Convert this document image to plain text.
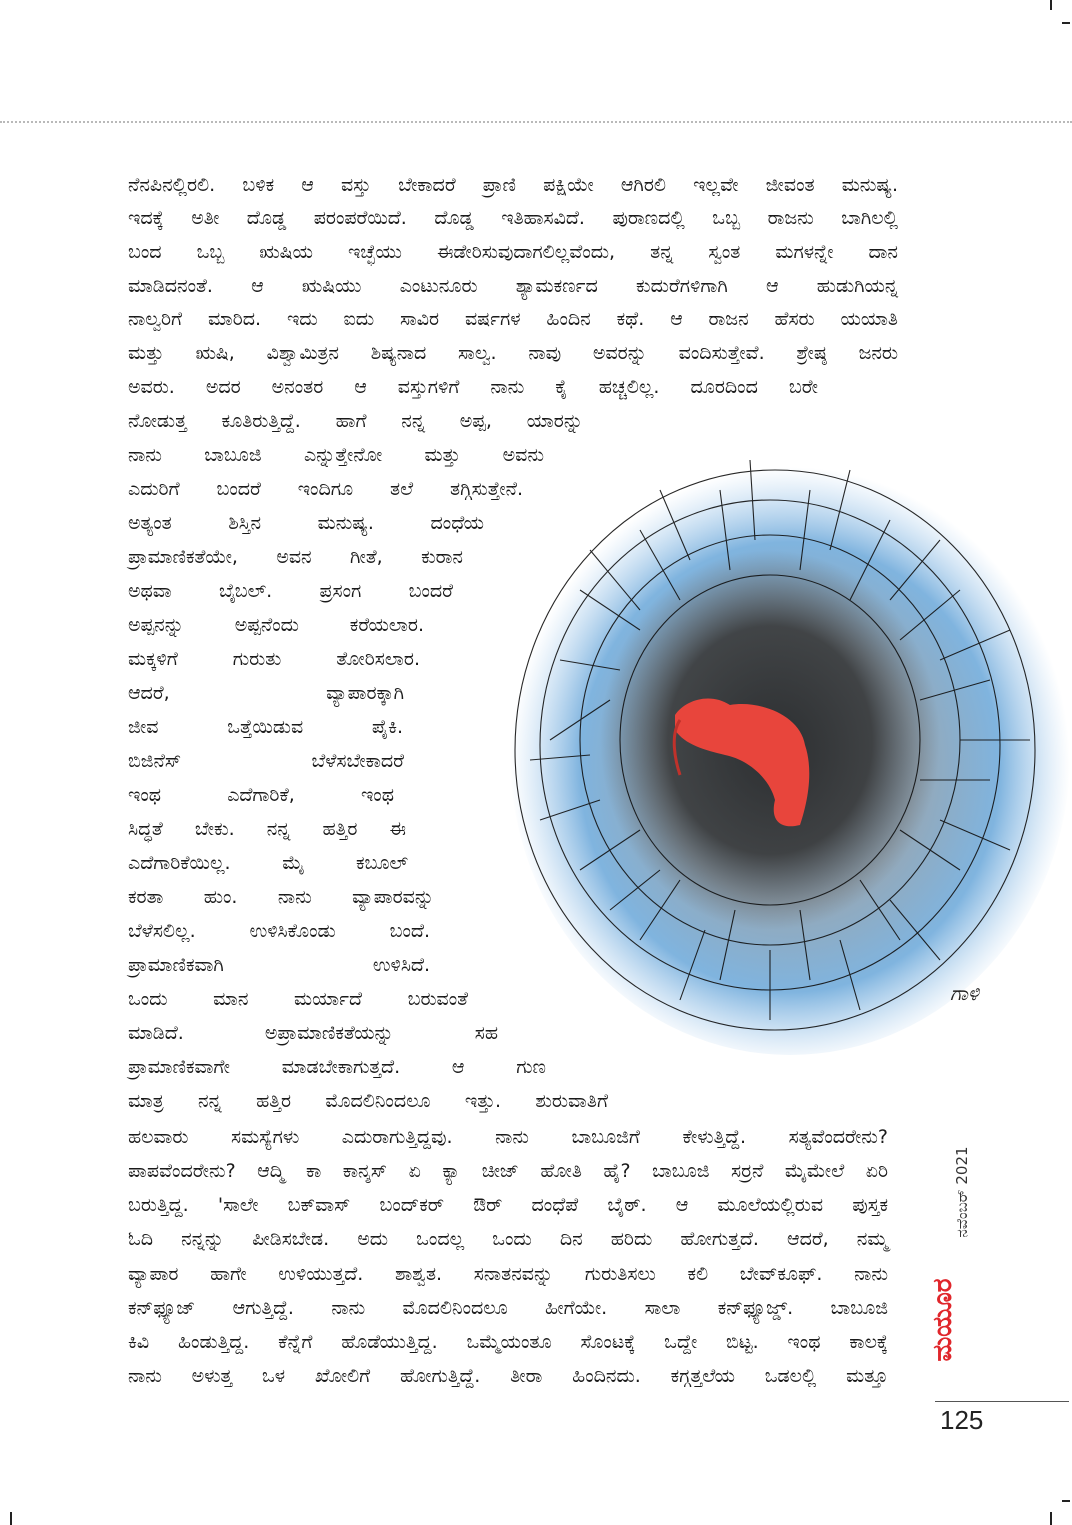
ಗಾಳಿ
ನೆನಪಿನಲ್ಲಿರಲಿ. ಬಳಿಕ ಆ ವಸ್ತು ಬೇಕಾದರೆ ಪ್ರಾಣಿ ಪಕ್ಷಿಯೇ ಆಗಿರಲಿ ಇಲ್ಲವೇ ಜೀವಂತ ಮನುಷ್ಯ.
ಇದಕ್ಕೆ ಅತೀ ದೊಡ್ಡ ಪರಂಪರೆಯಿದೆ. ದೊಡ್ಡ ಇತಿಹಾಸವಿದೆ. ಪುರಾಣದಲ್ಲಿ ಒಬ್ಬ ರಾಜನು ಬಾಗಿಲಲ್ಲಿ
ಬಂದ ಒಬ್ಬ ಋಷಿಯ ಇಚ್ಛೆಯು ಈಡೇರಿಸುವುದಾಗಲಿಲ್ಲವೆಂದು, ತನ್ನ ಸ್ವಂತ ಮಗಳನ್ನೇ ದಾನ
ಮಾಡಿದನಂತೆ. ಆ ಋಷಿಯು ಎಂಟುನೂರು ಶ್ಯಾಮಕರ್ಣದ ಕುದುರೆಗಳಿಗಾಗಿ ಆ ಹುಡುಗಿಯನ್ನ
ನಾಲ್ವರಿಗೆ ಮಾರಿದ. ಇದು ಐದು ಸಾವಿರ ವರ್ಷಗಳ ಹಿಂದಿನ ಕಥೆ. ಆ ರಾಜನ ಹೆಸರು ಯಯಾತಿ
ಮತ್ತು ಋಷಿ, ವಿಶ್ವಾಮಿತ್ರನ ಶಿಷ್ಯನಾದ ಸಾಲ್ವ. ನಾವು ಅವರನ್ನು ವಂದಿಸುತ್ತೇವೆ. ಶ್ರೇಷ್ಠ ಜನರು
ಅವರು. ಅದರ ಅನಂತರ ಆ ವಸ್ತುಗಳಿಗೆ ನಾನು ಕೈ ಹಚ್ಚಲಿಲ್ಲ. ದೂರದಿಂದ ಬರೇ
ನೋಡುತ್ತ ಕೂತಿರುತ್ತಿದ್ದೆ. ಹಾಗೆ ನನ್ನ ಅಪ್ಪ, ಯಾರನ್ನು
ನಾನು ಬಾಬೂಜಿ ಎನ್ನುತ್ತೇನೋ ಮತ್ತು ಅವನು
ಎದುರಿಗೆ ಬಂದರೆ ಇಂದಿಗೂ ತಲೆ ತಗ್ಗಿಸುತ್ತೇನೆ.
ಅತ್ಯಂತ ಶಿಸ್ತಿನ ಮನುಷ್ಯ. ದಂಧೆಯ
ಪ್ರಾಮಾಣಿಕತೆಯೇ, ಅವನ ಗೀತೆ, ಕುರಾನ
ಅಥವಾ ಬೈಬಲ್. ಪ್ರಸಂಗ ಬಂದರೆ
ಅಪ್ಪನನ್ನು ಅಪ್ಪನೆಂದು ಕರೆಯಲಾರ.
ಮಕ್ಕಳಿಗೆ ಗುರುತು ತೋರಿಸಲಾರ.
ಆದರೆ, ವ್ಯಾಪಾರಕ್ಕಾಗಿ
ಜೀವ ಒತ್ತೆಯಿಡುವ ಪೈಕಿ.
ಬಿಜಿನೆಸ್ ಬೆಳೆಸಬೇಕಾದರೆ
ಇಂಥ ಎದೆಗಾರಿಕೆ, ಇಂಥ
ಸಿದ್ಧತೆ ಬೇಕು. ನನ್ನ ಹತ್ತಿರ ಈ
ಎದೆಗಾರಿಕೆಯಿಲ್ಲ. ಮೈ ಕಬೂಲ್
ಕರತಾ ಹುಂ. ನಾನು ವ್ಯಾಪಾರವನ್ನು
ಬೆಳೆಸಲಿಲ್ಲ. ಉಳಿಸಿಕೊಂಡು ಬಂದೆ.
ಪ್ರಾಮಾಣಿಕವಾಗಿ ಉಳಿಸಿದೆ.
ಒಂದು ಮಾನ ಮರ್ಯಾದೆ ಬರುವಂತೆ
ಮಾಡಿದೆ. ಅಪ್ರಾಮಾಣಿಕತೆಯನ್ನು ಸಹ
ಪ್ರಾಮಾಣಿಕವಾಗೇ ಮಾಡಬೇಕಾಗುತ್ತದೆ. ಆ ಗುಣ
ಮಾತ್ರ ನನ್ನ ಹತ್ತಿರ ಮೊದಲಿನಿಂದಲೂ ಇತ್ತು. ಶುರುವಾತಿಗೆ
ಹಲವಾರು ಸಮಸ್ಯೆಗಳು ಎದುರಾಗುತ್ತಿದ್ದವು. ನಾನು ಬಾಬೂಜಿಗೆ ಕೇಳುತ್ತಿದ್ದೆ. ಸತ್ಯವೆಂದರೇನು?
ಪಾಪವೆಂದರೇನು? ಆದ್ಮಿ ಕಾ ಕಾನ್ಶಸ್ ಏ ಕ್ಯಾ ಚೀಜ್ ಹೋತಿ ಹೈ? ಬಾಬೂಜಿ ಸರ್ರನೆ ಮೈಮೇಲೆ ಏರಿ
ಬರುತ್ತಿದ್ದ. 'ಸಾಲೇ ಬಕ್‌ವಾಸ್ ಬಂದ್‌ಕರ್ ಔರ್ ದಂಧೆಪೆ ಬೈಠ್. ಆ ಮೂಲೆಯಲ್ಲಿರುವ ಪುಸ್ತಕ
ಓದಿ ನನ್ನನ್ನು ಪೀಡಿಸಬೇಡ. ಅದು ಒಂದಲ್ಲ ಒಂದು ದಿನ ಹರಿದು ಹೋಗುತ್ತದೆ. ಆದರೆ, ನಮ್ಮ
ವ್ಯಾಪಾರ ಹಾಗೇ ಉಳಿಯುತ್ತದೆ. ಶಾಶ್ವತ. ಸನಾತನವನ್ನು ಗುರುತಿಸಲು ಕಲಿ ಬೇವ್‌ಕೂಫ್. ನಾನು
ಕನ್‌ಫ್ಯೂಜ್ ಆಗುತ್ತಿದ್ದೆ. ನಾನು ಮೊದಲಿನಿಂದಲೂ ಹೀಗೆಯೇ. ಸಾಲಾ ಕನ್‌ಫ್ಯೂಜ್ಡ್. ಬಾಬೂಜಿ
ಕಿವಿ ಹಿಂಡುತ್ತಿದ್ದ. ಕೆನ್ನೆಗೆ ಹೊಡೆಯುತ್ತಿದ್ದ. ಒಮ್ಮೆಯಂತೂ ಸೊಂಟಕ್ಕೆ ಒದ್ದೇ ಬಿಟ್ಟ. ಇಂಥ ಕಾಲಕ್ಕೆ
ನಾನು ಅಳುತ್ತ ಒಳ ಖೋಲಿಗೆ ಹೋಗುತ್ತಿದ್ದೆ. ತೀರಾ ಹಿಂದಿನದು. ಕಗ್ಗತ್ತಲೆಯ ಒಡಲಲ್ಲಿ ಮತ್ತೂ
ನವೆಂಬರ್ 2021
ಮಯೂರ
125
